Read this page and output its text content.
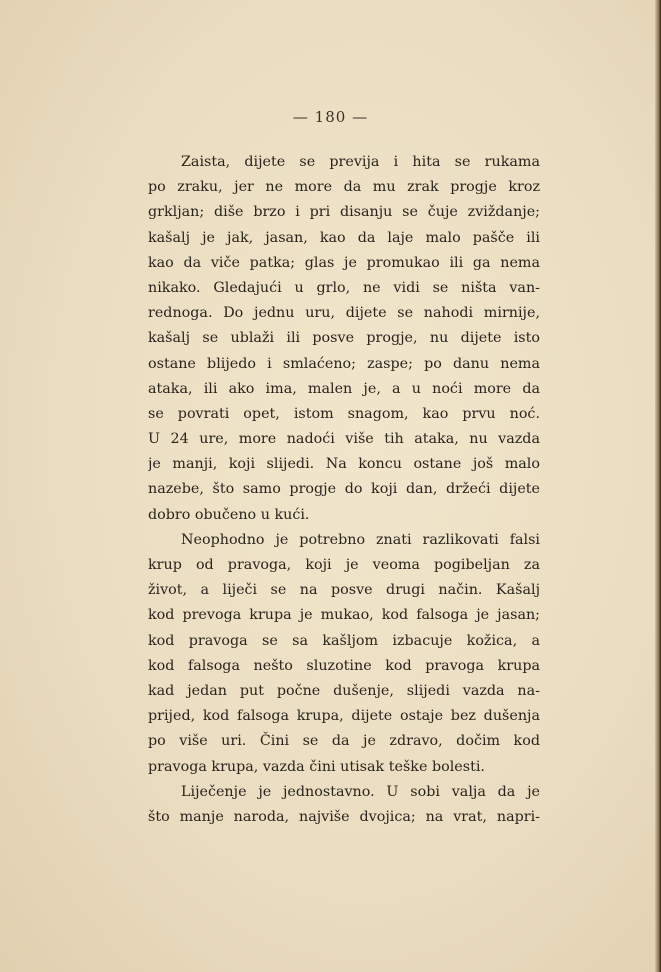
— 180 —
Zaista, dijete se previja i hita se rukama
po zraku, jer ne more da mu zrak progje kroz
grkljan; diše brzo i pri disanju se čuje zviždanje;
kašalj je jak, jasan, kao da laje malo pašče ili
kao da viče patka; glas je promukao ili ga nema
nikako. Gledajući u grlo, ne vidi se ništa van-
rednoga. Do jednu uru, dijete se nahodi mirnije,
kašalj se ublaži ili posve progje, nu dijete isto
ostane blijedo i smlaćeno; zaspe; po danu nema
ataka, ili ako ima, malen je, a u noći more da
se povrati opet, istom snagom, kao prvu noć.
U 24 ure, more nadoći više tih ataka, nu vazda
je manji, koji slijedi. Na koncu ostane još malo
nazebe, što samo progje do koji dan, držeći dijete
dobro obučeno u kući.
Neophodno je potrebno znati razlikovati falsi
krup od pravoga, koji je veoma pogibeljan za
život, a liječi se na posve drugi način. Kašalj
kod prevoga krupa je mukao, kod falsoga je jasan;
kod pravoga se sa kašljom izbacuje kožica, a
kod falsoga nešto sluzotine kod pravoga krupa
kad jedan put počne dušenje, slijedi vazda na-
prijed, kod falsoga krupa, dijete ostaje bez dušenja
po više uri. Čini se da je zdravo, dočim kod
pravoga krupa, vazda čini utisak teške bolesti.
Liječenje je jednostavno. U sobi valja da je
što manje naroda, najviše dvojica; na vrat, napri-
